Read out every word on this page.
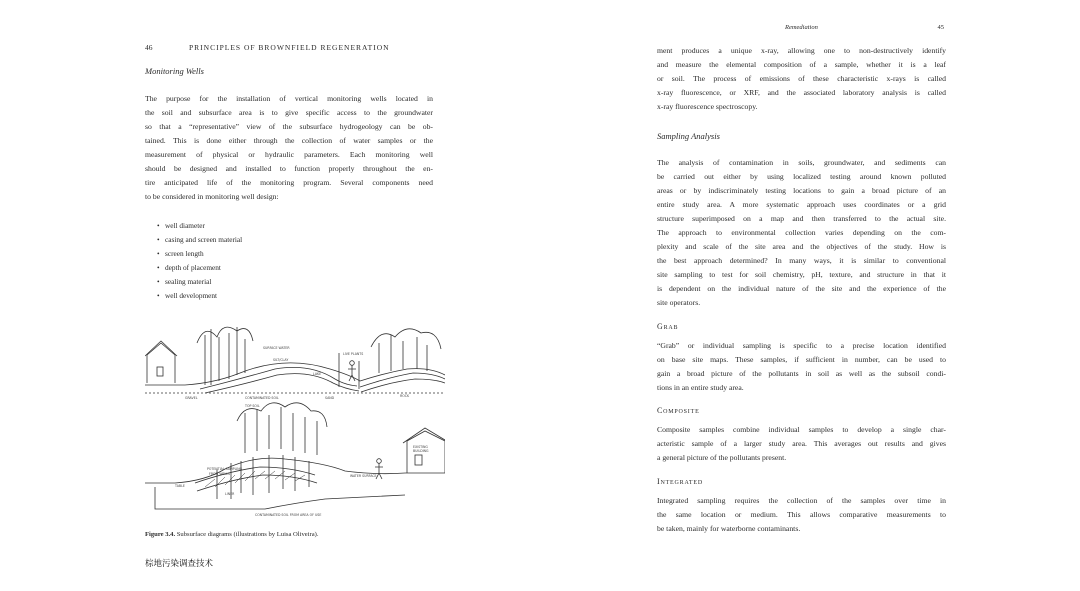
46	PRINCIPLES OF BROWNFIELD REGENERATION
Monitoring Wells
The purpose for the installation of vertical monitoring wells located in
the soil and subsurface area is to give specific access to the groundwater
so that a “representative” view of the subsurface hydrogeology can be ob-
tained. This is done either through the collection of water samples or the
measurement of physical or hydraulic parameters. Each monitoring well
should be designed and installed to function properly throughout the en-
tire anticipated life of the monitoring program. Several components need
to be considered in monitoring well design:
• well diameter
• casing and screen material
• screen length
• depth of placement
• sealing material
• well development
SURFACE WATER
SILT/CLAY
LIVE PLANTS
LAKE
GRAVEL	CONTAMINATED SOIL	SAND	ROCK
TOP SOIL
POTENTIAL SAMPLING
FROM WELLS
EXISTING
BUILDING
TABLE
LINER
WATER SURFACE
CONTAMINATED SOIL FROM AREA OF USE
Figure 3.4. Subsurface diagrams (illustrations by Luisa Oliveira).
Remediation	45
ment produces a unique x-ray, allowing one to non-destructively identify
and measure the elemental composition of a sample, whether it is a leaf
or soil. The process of emissions of these characteristic x-rays is called
x-ray fluorescence, or XRF, and the associated laboratory analysis is called
x-ray fluorescence spectroscopy.
Sampling Analysis
The analysis of contamination in soils, groundwater, and sediments can
be carried out either by using localized testing around known polluted
areas or by indiscriminately testing locations to gain a broad picture of an
entire study area. A more systematic approach uses coordinates or a grid
structure superimposed on a map and then transferred to the actual site.
The approach to environmental collection varies depending on the com-
plexity and scale of the site area and the objectives of the study. How is
the best approach determined? In many ways, it is similar to conventional
site sampling to test for soil chemistry, pH, texture, and structure in that it
is dependent on the individual nature of the site and the experience of the
site operators.
Grab
“Grab” or individual sampling is specific to a precise location identified
on base site maps. These samples, if sufficient in number, can be used to
gain a broad picture of the pollutants in soil as well as the subsoil condi-
tions in an entire study area.
Composite
Composite samples combine individual samples to develop a single char-
acteristic sample of a larger study area. This averages out results and gives
a general picture of the pollutants present.
Integrated
Integrated sampling requires the collection of the samples over time in
the same location or medium. This allows comparative measurements to
be taken, mainly for waterborne contaminants.
棕地污染调查技术
